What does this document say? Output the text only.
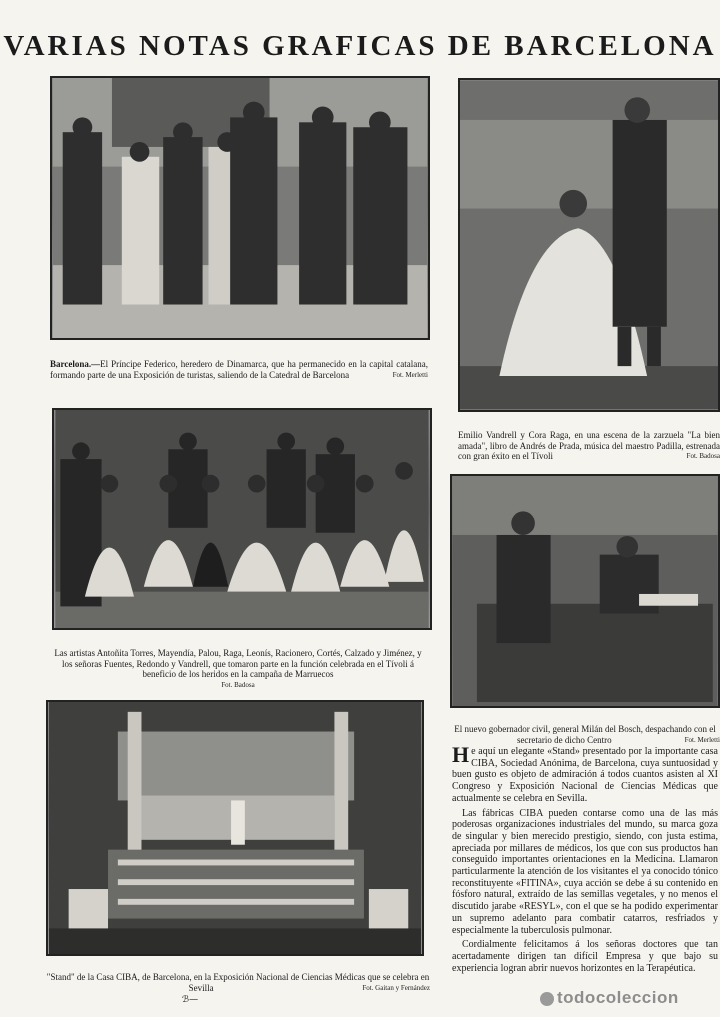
VARIAS NOTAS GRAFICAS DE BARCELONA
Barcelona.—El Príncipe Federico, heredero de Dinamarca, que ha permanecido en la capital catalana, formando parte de una Exposición de turistas, saliendo de la Catedral de Barcelona	Fot. Merletti
Emilio Vandrell y Cora Raga, en una escena de la zarzuela "La bien amada", libro de Andrés de Prada, música del maestro Padilla, estrenada con gran éxito en el Tívoli	Fot. Badosa
Las artistas Antoñita Torres, Mayendía, Palou, Raga, Leonís, Racionero, Cortés, Calzado y Jiménez, y los señoras Fuentes, Redondo y Vandrell, que tomaron parte en la función celebrada en el Tívoli á beneficio de los heridos en la campaña de Marruecos
Fot. Badosa
El nuevo gobernador civil, general Milán del Bosch, despachando con el secretario de dicho Centro	Fot. Merletti
"Stand" de la Casa CIBA, de Barcelona, en la Exposición Nacional de Ciencias Médicas que se celebra en Sevilla	Fot. Gaitan y Fernández

He aquí un elegante «Stand» presentado por la importante casa CIBA, Sociedad Anónima, de Barcelona, cuya suntuosidad y buen gusto es objeto de admiración á todos cuantos asisten al XI Congreso y Exposición Nacional de Ciencias Médicas que actualmente se celebra en Sevilla.

Las fábricas CIBA pueden contarse como una de las más poderosas organizaciones industriales del mundo, su marca goza de singular y bien merecido prestigio, siendo, con justa estima, apreciada por millares de médicos, los que con sus productos han conseguido importantes orientaciones en la Medicina. Llamaron particularmente la atención de los visitantes el ya conocido tónico reconstituyente «FITINA», cuya acción se debe á su contenido en fósforo natural, extraído de las semillas vegetales, y no menos el discutido jarabe «RESYL», con el que se ha podido experimentar un supremo adelanto para combatir catarros, resfriados y especialmente la tuberculosis pulmonar.

Cordialmente felicitamos á los señoras doctores que tan acertadamente dirigen tan difícil Empresa y que bajo su experiencia logran abrir nuevos horizontes en la Terapéutica.

ℬ—	todocoleccion
